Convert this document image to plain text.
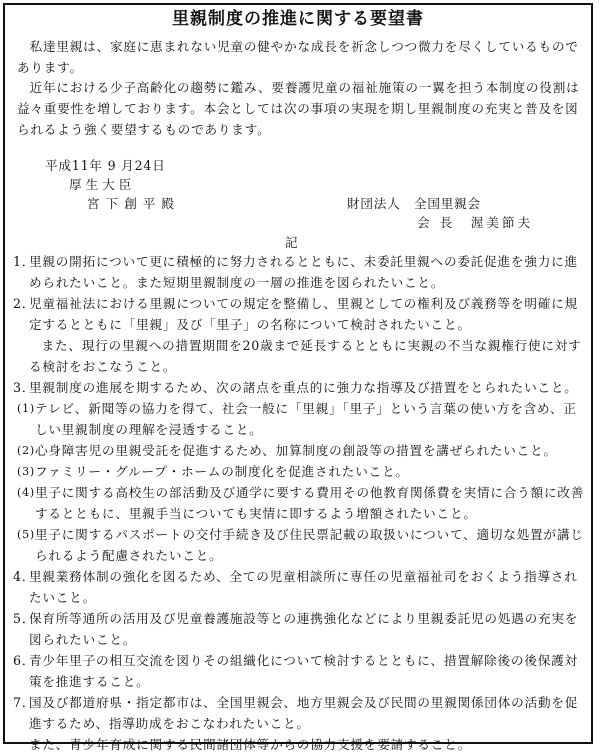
里親制度の推進に関する要望書

私達里親は、家庭に恵まれない児童の健やかな成長を祈念しつつ微力を尽くしているものであります。

近年における少子高齢化の趨勢に鑑み、要養護児童の福祉施策の一翼を担う本制度の役割は益々重要性を増しております。本会としては次の事項の実現を期し里親制度の充実と普及を図られるよう強く要望するものであります。

平成11年 9 月24日
厚生大臣
宮下創平殿	財団法人　全国里親会
会 長　渥美節夫
記
1．

里親の開拓について更に積極的に努力されるとともに、未委託里親への委託促進を強力に進められたいこと。また短期里親制度の一層の推進を図られたいこと。

2．

児童福祉法における里親についての規定を整備し、里親としての権利及び義務等を明確に規定するとともに「里親」及び「里子」の名称について検討されたいこと。

また、現行の里親への措置期間を20歳まで延長するとともに実親の不当な親権行使に対する検討をおこなうこと。

3．

里親制度の進展を期するため、次の諸点を重点的に強力な指導及び措置をとられたいこと。

(1) テレビ、新聞等の協力を得て、社会一般に「里親」「里子」という言葉の使い方を含め、正しい里親制度の理解を浸透すること。

(2) 心身障害児の里親受託を促進するため、加算制度の創設等の措置を講ぜられたいこと。

(3) ファミリー・グループ・ホームの制度化を促進されたいこと。

(4) 里子に関する高校生の部活動及び通学に要する費用その他教育関係費を実情に合う額に改善するとともに、里親手当についても実情に即するよう増額されたいこと。

(5) 里子に関するパスポートの交付手続き及び住民票記載の取扱いについて、適切な処置が講じられるよう配慮されたいこと。

4．

里親業務体制の強化を図るため、全ての児童相談所に専任の児童福祉司をおくよう指導されたいこと。

5．

保育所等通所の活用及び児童養護施設等との連携強化などにより里親委託児の処遇の充実を図られたいこと。

6．

青少年里子の相互交流を図りその組織化について検討するとともに、措置解除後の後保護対策を推進すること。

7．

国及び都道府県・指定都市は、全国里親会、地方里親会及び民間の里親関係団体の活動を促進するため、指導助成をおこなわれたいこと。

また、青少年育成に関する民間諸団体等からの協力支援を要請すること。
